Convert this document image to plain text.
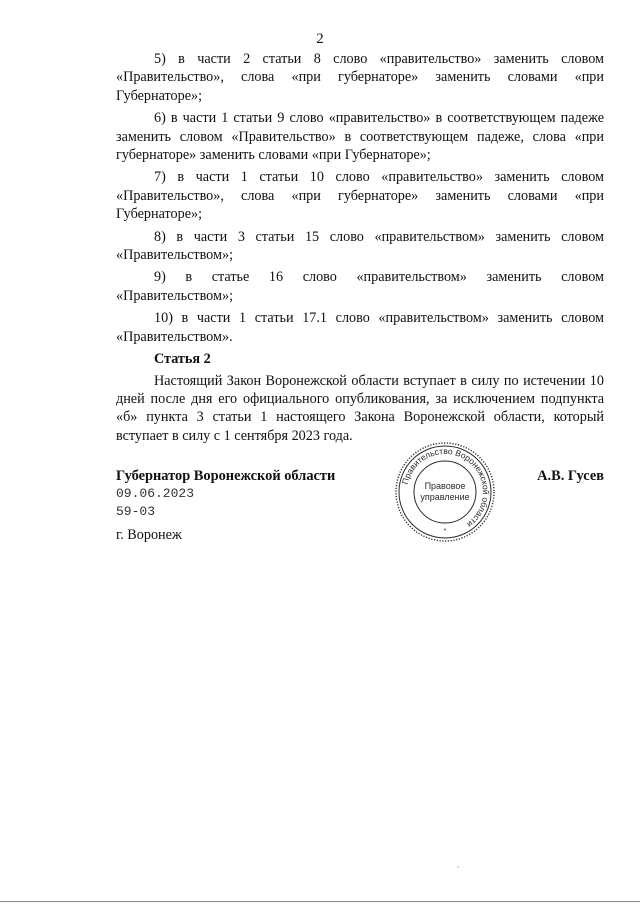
2

5) в части 2 статьи 8 слово «правительство» заменить словом «Правительство», слова «при губернаторе» заменить словами «при Губернаторе»;

6) в части 1 статьи 9 слово «правительство» в соответствующем падеже заменить словом «Правительство» в соответствующем падеже, слова «при губернаторе» заменить словами «при Губернаторе»;

7) в части 1 статьи 10 слово «правительство» заменить словом «Правительство», слова «при губернаторе» заменить словами «при Губернаторе»;

8) в части 3 статьи 15 слово «правительством» заменить словом «Правительством»;

9) в статье 16 слово «правительством» заменить словом «Правительством»;

10) в части 1 статьи 17.1 слово «правительством» заменить словом «Правительством».

Статья 2

Настоящий Закон Воронежской области вступает в силу по истечении 10 дней после дня его официального опубликования, за исключением подпункта «б» пункта 3 статьи 1 настоящего Закона Воронежской области, который вступает в силу с 1 сентября 2023 года.

Губернатор Воронежской области
09.06.2023
59-03
г. Воронеж
Правительство Воронежской области
Правовое
управление
*
А.В. Гусев
